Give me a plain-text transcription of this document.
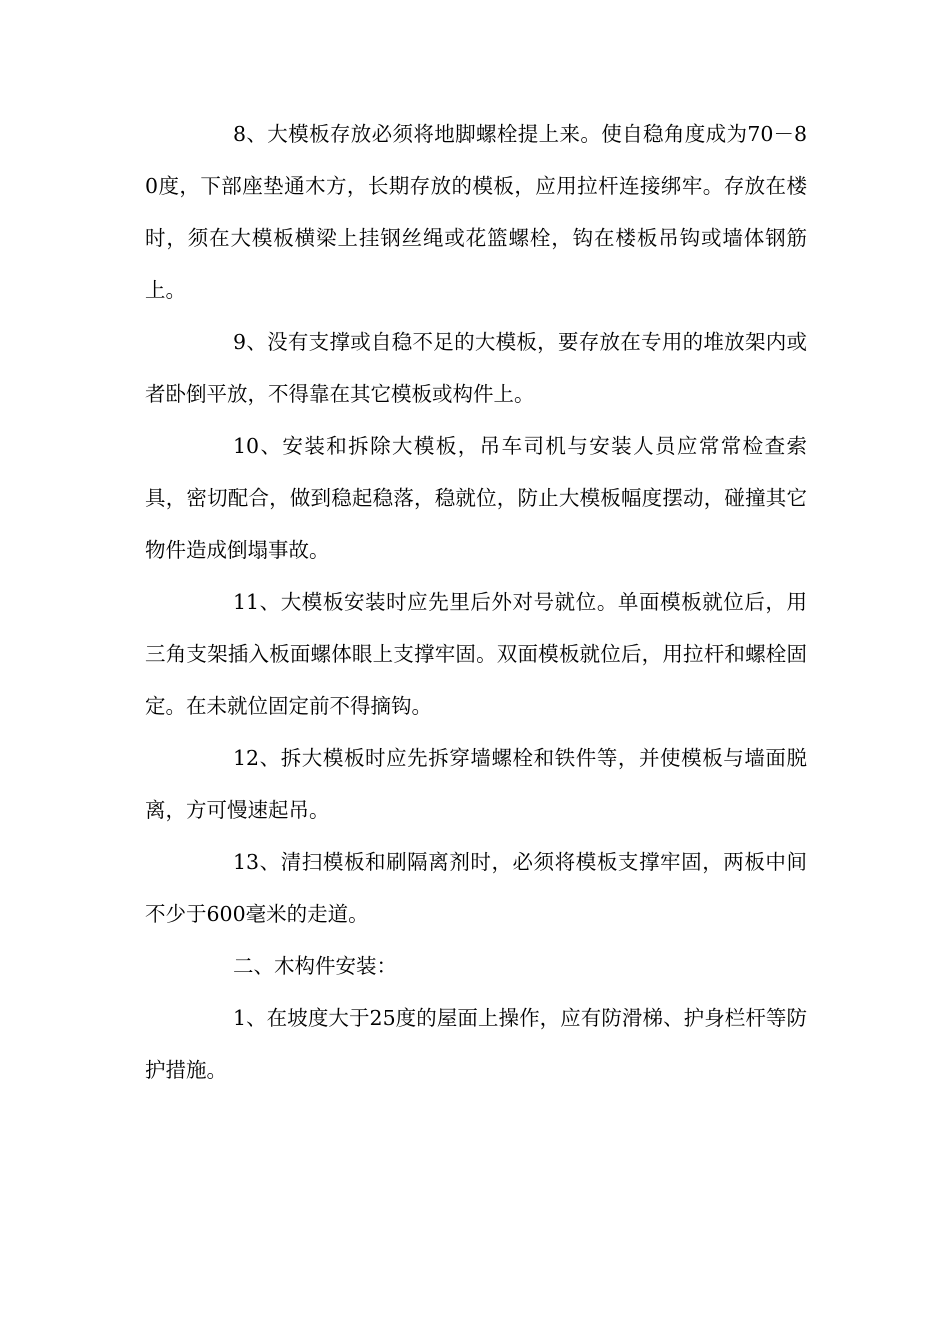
8、大模板存放必须将地脚螺栓提上来。使自稳角度成为70－80度，下部座垫通木方，长期存放的模板，应用拉杆连接绑牢。存放在楼时，须在大模板横梁上挂钢丝绳或花篮螺栓，钩在楼板吊钩或墙体钢筋上。

9、没有支撑或自稳不足的大模板，要存放在专用的堆放架内或者卧倒平放，不得靠在其它模板或构件上。

10、安装和拆除大模板，吊车司机与安装人员应常常检查索具，密切配合，做到稳起稳落，稳就位，防止大模板幅度摆动，碰撞其它物件造成倒塌事故。

11、大模板安装时应先里后外对号就位。单面模板就位后，用三角支架插入板面螺体眼上支撑牢固。双面模板就位后，用拉杆和螺栓固定。在未就位固定前不得摘钩。

12、拆大模板时应先拆穿墙螺栓和铁件等，并使模板与墙面脱离，方可慢速起吊。

13、清扫模板和刷隔离剂时，必须将模板支撑牢固，两板中间不少于600毫米的走道。

二、木构件安装：

1、在坡度大于25度的屋面上操作，应有防滑梯、护身栏杆等防护措施。
